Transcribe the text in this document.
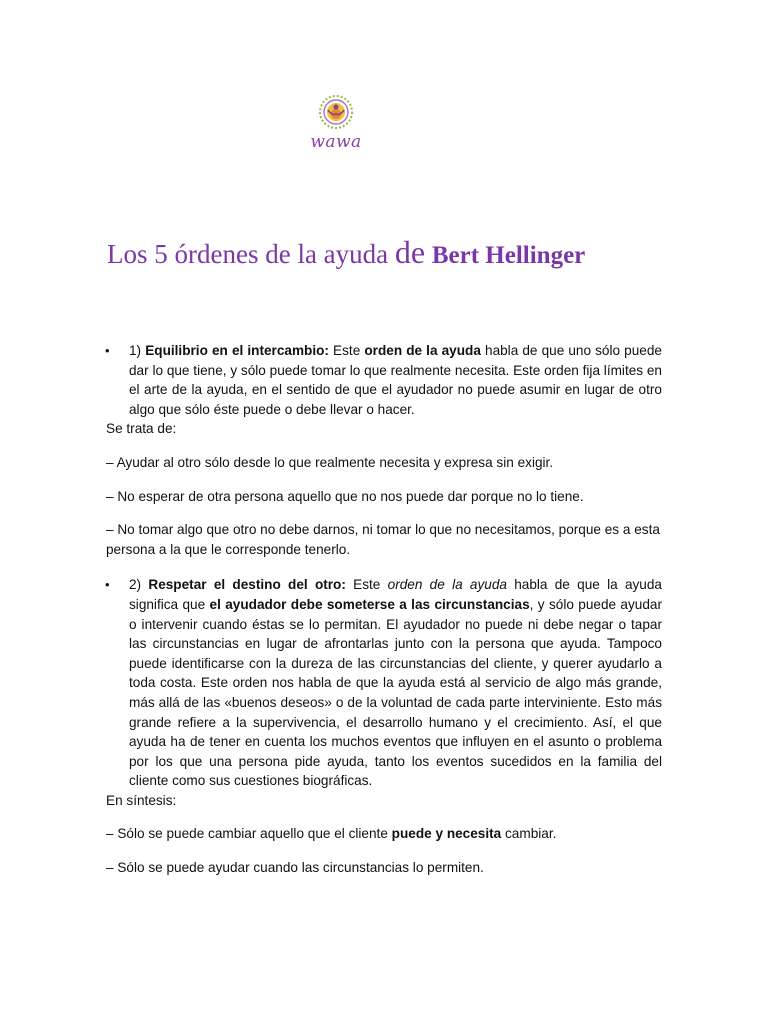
wawa
Los 5 órdenes de la ayuda de Bert Hellinger
• 1) Equilibrio en el intercambio: Este orden de la ayuda habla de que uno sólo puede dar lo que tiene, y sólo puede tomar lo que realmente necesita. Este orden fija límites en el arte de la ayuda, en el sentido de que el ayudador no puede asumir en lugar de otro algo que sólo éste puede o debe llevar o hacer.

Se trata de:

– Ayudar al otro sólo desde lo que realmente necesita y expresa sin exigir.

– No esperar de otra persona aquello que no nos puede dar porque no lo tiene.

– No tomar algo que otro no debe darnos, ni tomar lo que no necesitamos, porque es a esta persona a la que le corresponde tenerlo.

• 2) Respetar el destino del otro: Este orden de la ayuda habla de que la ayuda significa que el ayudador debe someterse a las circunstancias, y sólo puede ayudar o intervenir cuando éstas se lo permitan. El ayudador no puede ni debe negar o tapar las circunstancias en lugar de afrontarlas junto con la persona que ayuda. Tampoco puede identificarse con la dureza de las circunstancias del cliente, y querer ayudarlo a toda costa. Este orden nos habla de que la ayuda está al servicio de algo más grande, más allá de las «buenos deseos» o de la voluntad de cada parte interviniente. Esto más grande refiere a la supervivencia, el desarrollo humano y el crecimiento. Así, el que ayuda ha de tener en cuenta los muchos eventos que influyen en el asunto o problema por los que una persona pide ayuda, tanto los eventos sucedidos en la familia del cliente como sus cuestiones biográficas.

En síntesis:

– Sólo se puede cambiar aquello que el cliente puede y necesita cambiar.

– Sólo se puede ayudar cuando las circunstancias lo permiten.
